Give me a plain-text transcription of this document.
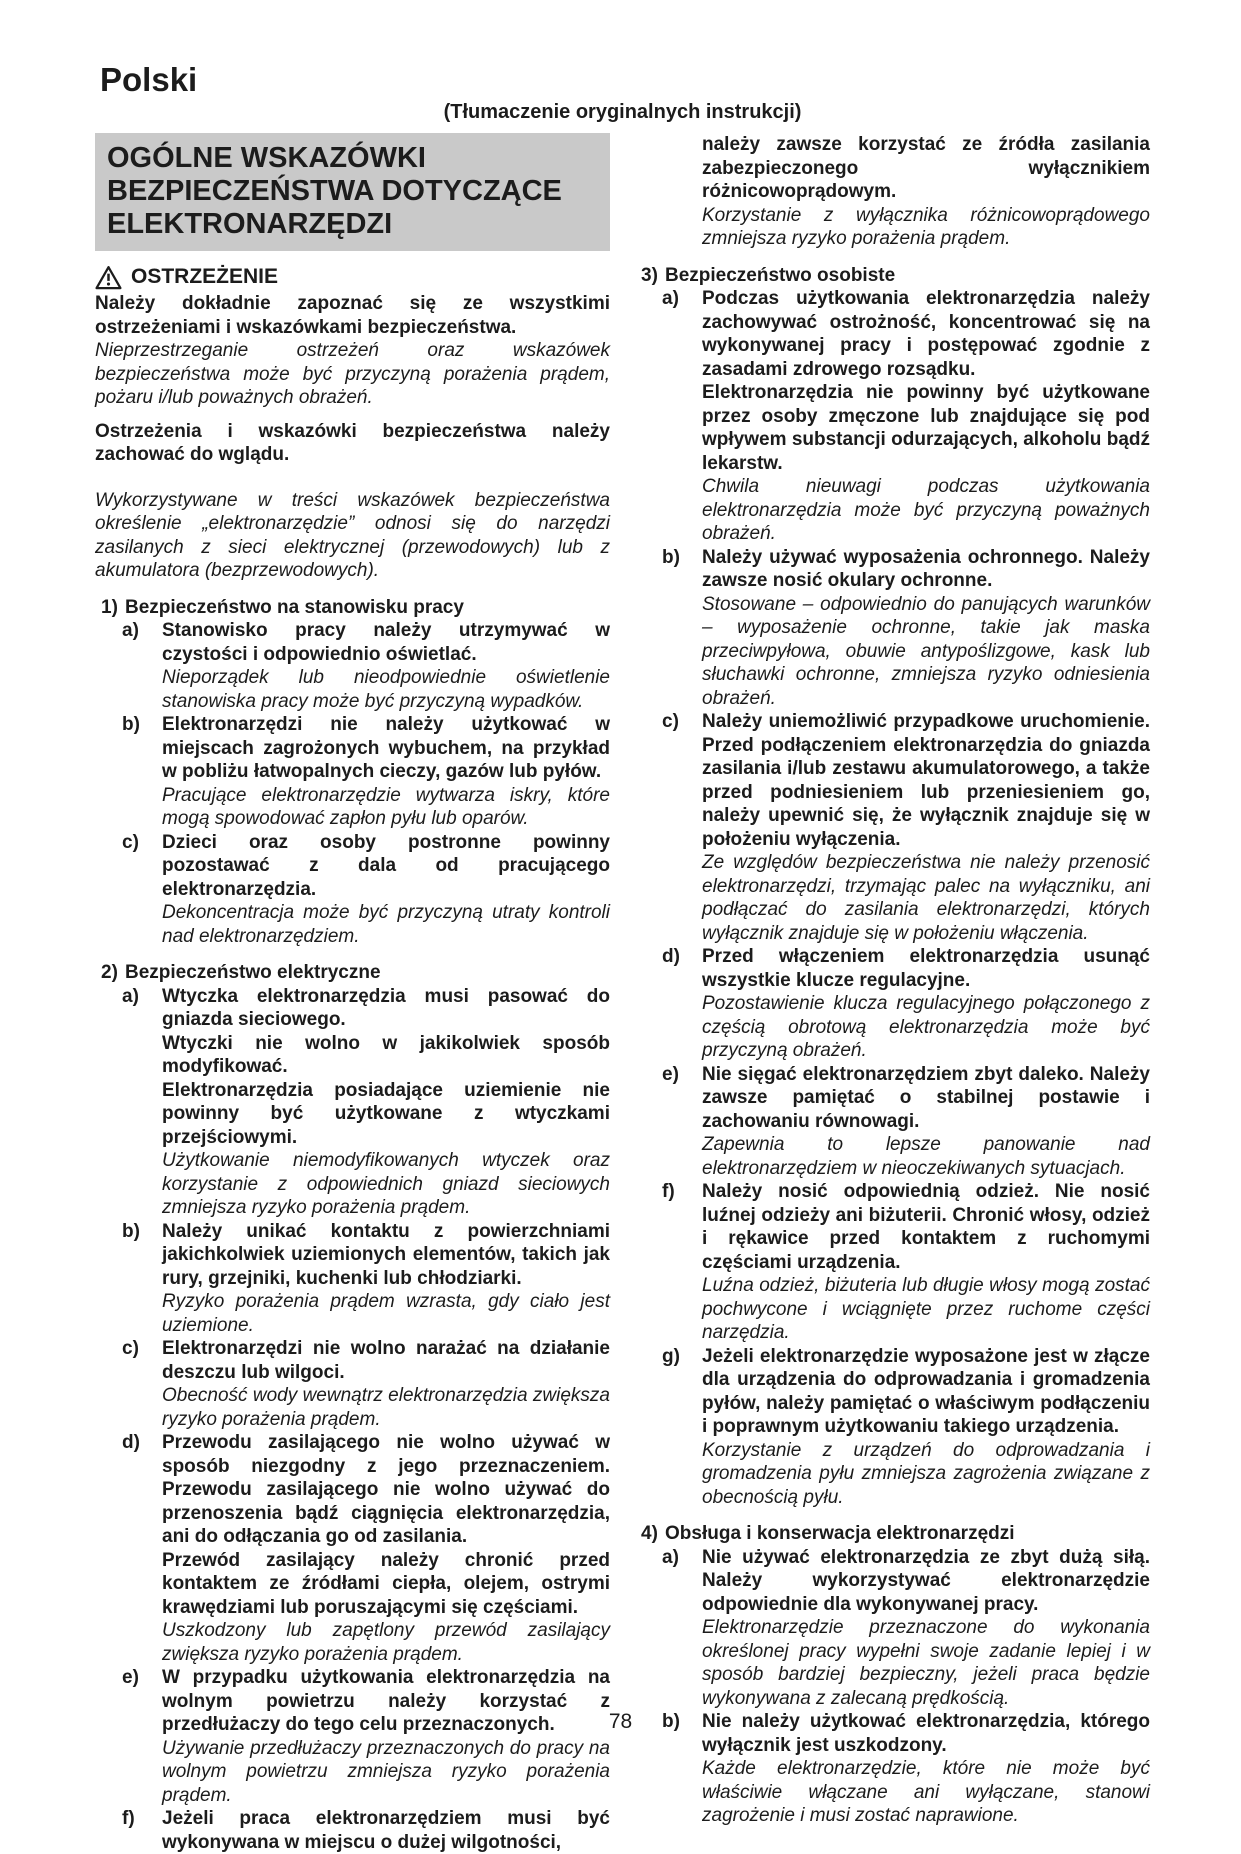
Polski
(Tłumaczenie oryginalnych instrukcji)
OGÓLNE WSKAZÓWKI
BEZPIECZEŃSTWA DOTYCZĄCE
ELEKTRONARZĘDZI
OSTRZEŻENIE

Należy dokładnie zapoznać się ze wszystkimi ostrzeżeniami i wskazówkami bezpieczeństwa.

Nieprzestrzeganie ostrzeżeń oraz wskazówek bezpieczeństwa może być przyczyną porażenia prądem, pożaru i/lub poważnych obrażeń.

Ostrzeżenia i wskazówki bezpieczeństwa należy zachować do wglądu.

Wykorzystywane w treści wskazówek bezpieczeństwa określenie „elektronarzędzie” odnosi się do narzędzi zasilanych z sieci elektrycznej (przewodowych) lub z akumulatora (bezprzewodowych).

1) Bezpieczeństwo na stanowisku pracy
a)	Stanowisko pracy należy utrzymywać w czystości i odpowiednio oświetlać.

Nieporządek lub nieodpowiednie oświetlenie stanowiska pracy może być przyczyną wypadków.

b)	Elektronarzędzi nie należy użytkować w miejscach zagrożonych wybuchem, na przykład w pobliżu łatwopalnych cieczy, gazów lub pyłów.

Pracujące elektronarzędzie wytwarza iskry, które mogą spowodować zapłon pyłu lub oparów.

c)	Dzieci oraz osoby postronne powinny pozostawać z dala od pracującego elektronarzędzia.

Dekoncentracja może być przyczyną utraty kontroli nad elektronarzędziem.

2) Bezpieczeństwo elektryczne
a)	Wtyczka elektronarzędzia musi pasować do gniazda sieciowego.

Wtyczki nie wolno w jakikolwiek sposób modyfikować.

Elektronarzędzia posiadające uziemienie nie powinny być użytkowane z wtyczkami przejściowymi.

Użytkowanie niemodyfikowanych wtyczek oraz korzystanie z odpowiednich gniazd sieciowych zmniejsza ryzyko porażenia prądem.

b)	Należy unikać kontaktu z powierzchniami jakichkolwiek uziemionych elementów, takich jak rury, grzejniki, kuchenki lub chłodziarki.

Ryzyko porażenia prądem wzrasta, gdy ciało jest uziemione.

c)	Elektronarzędzi nie wolno narażać na działanie deszczu lub wilgoci.

Obecność wody wewnątrz elektronarzędzia zwiększa ryzyko porażenia prądem.

d)	Przewodu zasilającego nie wolno używać w sposób niezgodny z jego przeznaczeniem. Przewodu zasilającego nie wolno używać do przenoszenia bądź ciągnięcia elektronarzędzia, ani do odłączania go od zasilania.

Przewód zasilający należy chronić przed kontaktem ze źródłami ciepła, olejem, ostrymi krawędziami lub poruszającymi się częściami.

Uszkodzony lub zapętlony przewód zasilający zwiększa ryzyko porażenia prądem.

e)	W przypadku użytkowania elektronarzędzia na wolnym powietrzu należy korzystać z przedłużaczy do tego celu przeznaczonych.

Używanie przedłużaczy przeznaczonych do pracy na wolnym powietrzu zmniejsza ryzyko porażenia prądem.

f)	Jeżeli praca elektronarzędziem musi być wykonywana w miejscu o dużej wilgotności,

należy zawsze korzystać ze źródła zasilania zabezpieczonego wyłącznikiem różnicowoprądowym.

Korzystanie z wyłącznika różnicowoprądowego zmniejsza ryzyko porażenia prądem.

3) Bezpieczeństwo osobiste
a)	Podczas użytkowania elektronarzędzia należy zachowywać ostrożność, koncentrować się na wykonywanej pracy i postępować zgodnie z zasadami zdrowego rozsądku.

Elektronarzędzia nie powinny być użytkowane przez osoby zmęczone lub znajdujące się pod wpływem substancji odurzających, alkoholu bądź lekarstw.

Chwila nieuwagi podczas użytkowania elektronarzędzia może być przyczyną poważnych obrażeń.

b)	Należy używać wyposażenia ochronnego. Należy zawsze nosić okulary ochronne.

Stosowane – odpowiednio do panujących warunków – wyposażenie ochronne, takie jak maska przeciwpyłowa, obuwie antypoślizgowe, kask lub słuchawki ochronne, zmniejsza ryzyko odniesienia obrażeń.

c)	Należy uniemożliwić przypadkowe uruchomienie. Przed podłączeniem elektronarzędzia do gniazda zasilania i/lub zestawu akumulatorowego, a także przed podniesieniem lub przeniesieniem go, należy upewnić się, że wyłącznik znajduje się w położeniu wyłączenia.

Ze względów bezpieczeństwa nie należy przenosić elektronarzędzi, trzymając palec na wyłączniku, ani podłączać do zasilania elektronarzędzi, których wyłącznik znajduje się w położeniu włączenia.

d)	Przed włączeniem elektronarzędzia usunąć wszystkie klucze regulacyjne.

Pozostawienie klucza regulacyjnego połączonego z częścią obrotową elektronarzędzia może być przyczyną obrażeń.

e)	Nie sięgać elektronarzędziem zbyt daleko. Należy zawsze pamiętać o stabilnej postawie i zachowaniu równowagi.

Zapewnia to lepsze panowanie nad elektronarzędziem w nieoczekiwanych sytuacjach.

f)	Należy nosić odpowiednią odzież. Nie nosić luźnej odzieży ani biżuterii. Chronić włosy, odzież i rękawice przed kontaktem z ruchomymi częściami urządzenia.

Luźna odzież, biżuteria lub długie włosy mogą zostać pochwycone i wciągnięte przez ruchome części narzędzia.

g)	Jeżeli elektronarzędzie wyposażone jest w złącze dla urządzenia do odprowadzania i gromadzenia pyłów, należy pamiętać o właściwym podłączeniu i poprawnym użytkowaniu takiego urządzenia.

Korzystanie z urządzeń do odprowadzania i gromadzenia pyłu zmniejsza zagrożenia związane z obecnością pyłu.

4) Obsługa i konserwacja elektronarzędzi
a)	Nie używać elektronarzędzia ze zbyt dużą siłą. Należy wykorzystywać elektronarzędzie odpowiednie dla wykonywanej pracy.

Elektronarzędzie przeznaczone do wykonania określonej pracy wypełni swoje zadanie lepiej i w sposób bardziej bezpieczny, jeżeli praca będzie wykonywana z zalecaną prędkością.

b)	Nie należy użytkować elektronarzędzia, którego wyłącznik jest uszkodzony.

Każde elektronarzędzie, które nie może być właściwie włączane ani wyłączane, stanowi zagrożenie i musi zostać naprawione.

78
